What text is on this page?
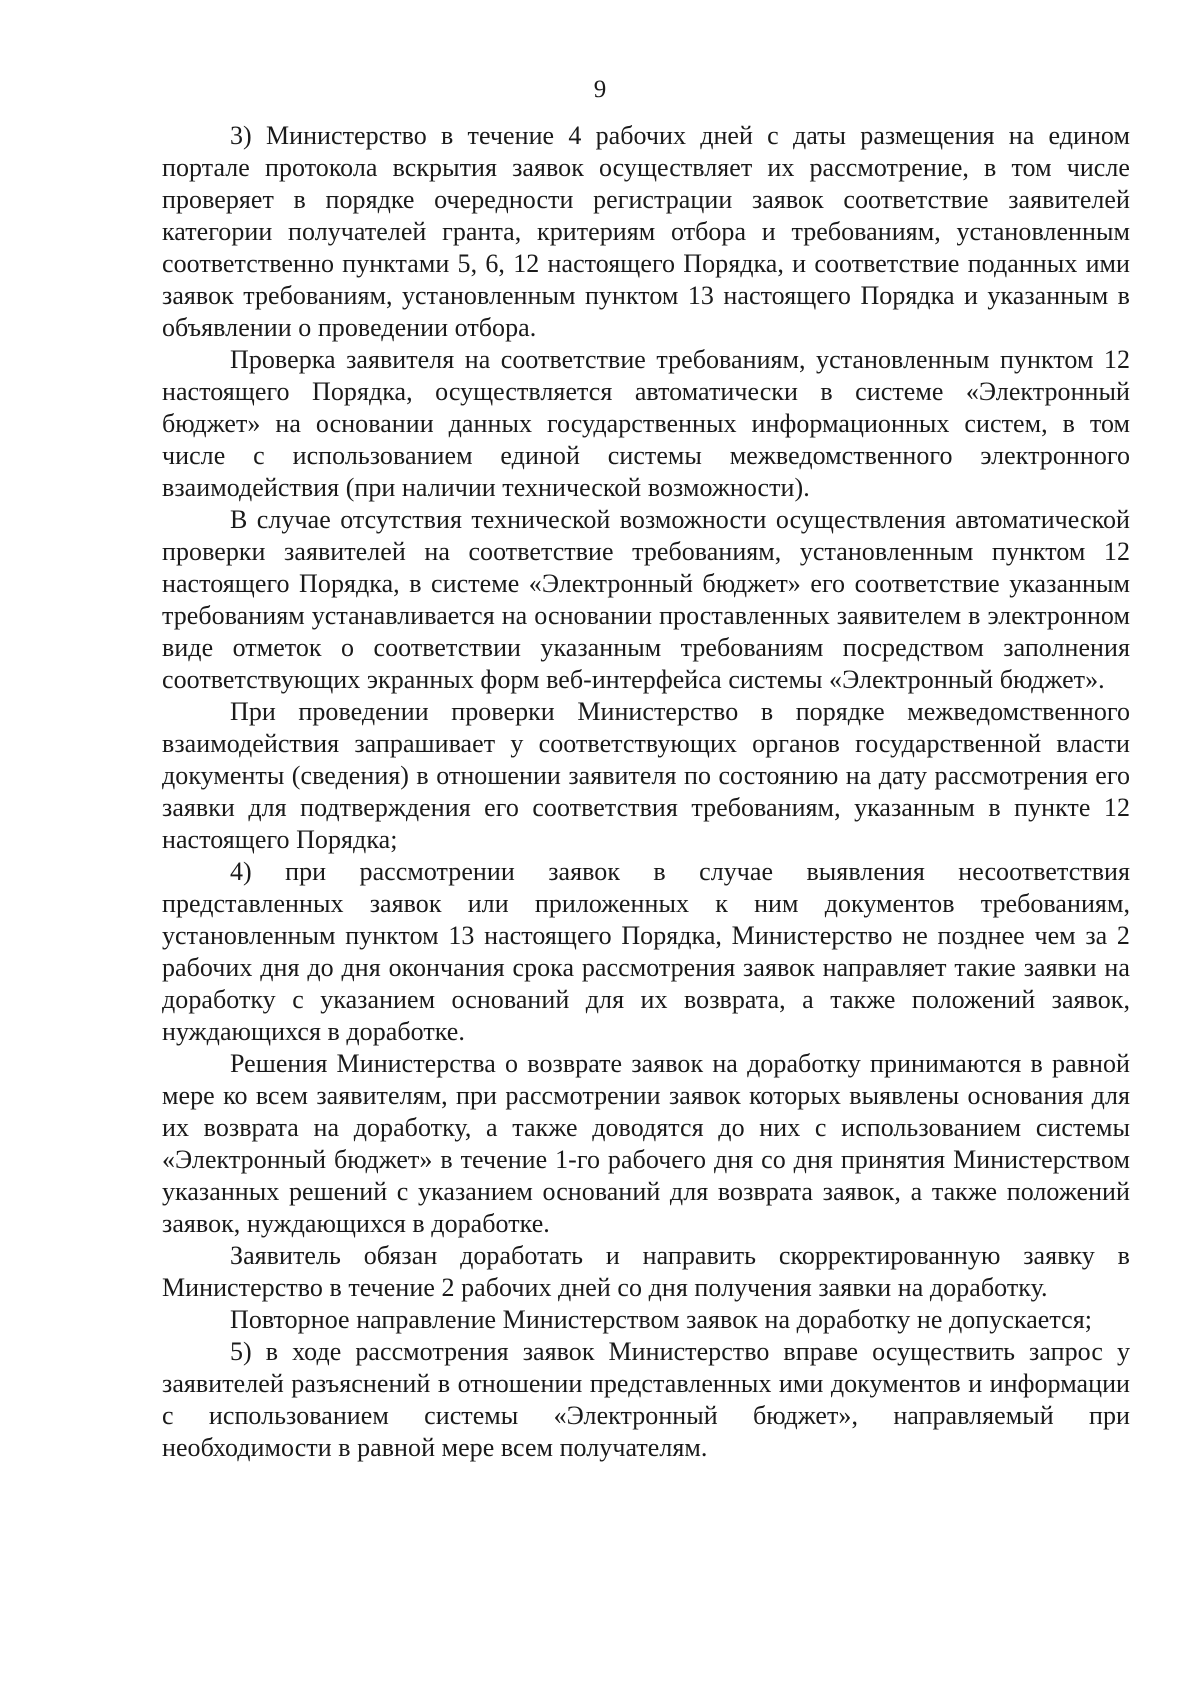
9

3) Министерство в течение 4 рабочих дней с даты размещения на едином портале протокола вскрытия заявок осуществляет их рассмотрение, в том числе проверяет в порядке очередности регистрации заявок соответствие заявителей категории получателей гранта, критериям отбора и требованиям, установленным соответственно пунктами 5, 6, 12 настоящего Порядка, и соответствие поданных ими заявок требованиям, установленным пунктом 13 настоящего Порядка и указанным в объявлении о проведении отбора.

Проверка заявителя на соответствие требованиям, установленным пунктом 12 настоящего Порядка, осуществляется автоматически в системе «Электронный бюджет» на основании данных государственных информационных систем, в том числе с использованием единой системы межведомственного электронного взаимодействия (при наличии технической возможности).

В случае отсутствия технической возможности осуществления автоматической проверки заявителей на соответствие требованиям, установленным пунктом 12 настоящего Порядка, в системе «Электронный бюджет» его соответствие указанным требованиям устанавливается на основании проставленных заявителем в электронном виде отметок о соответствии указанным требованиям посредством заполнения соответствующих экранных форм веб-интерфейса системы «Электронный бюджет».

При проведении проверки Министерство в порядке межведомственного взаимодействия запрашивает у соответствующих органов государственной власти документы (сведения) в отношении заявителя по состоянию на дату рассмотрения его заявки для подтверждения его соответствия требованиям, указанным в пункте 12 настоящего Порядка;

4) при рассмотрении заявок в случае выявления несоответствия представленных заявок или приложенных к ним документов требованиям, установленным пунктом 13 настоящего Порядка, Министерство не позднее чем за 2 рабочих дня до дня окончания срока рассмотрения заявок направляет такие заявки на доработку с указанием оснований для их возврата, а также положений заявок, нуждающихся в доработке.

Решения Министерства о возврате заявок на доработку принимаются в равной мере ко всем заявителям, при рассмотрении заявок которых выявлены основания для их возврата на доработку, а также доводятся до них с использованием системы «Электронный бюджет» в течение 1-го рабочего дня со дня принятия Министерством указанных решений с указанием оснований для возврата заявок, а также положений заявок, нуждающихся в доработке.

Заявитель обязан доработать и направить скорректированную заявку в Министерство в течение 2 рабочих дней со дня получения заявки на доработку.

Повторное направление Министерством заявок на доработку не допускается;

5) в ходе рассмотрения заявок Министерство вправе осуществить запрос у заявителей разъяснений в отношении представленных ими документов и информации с использованием системы «Электронный бюджет», направляемый при необходимости в равной мере всем получателям.
